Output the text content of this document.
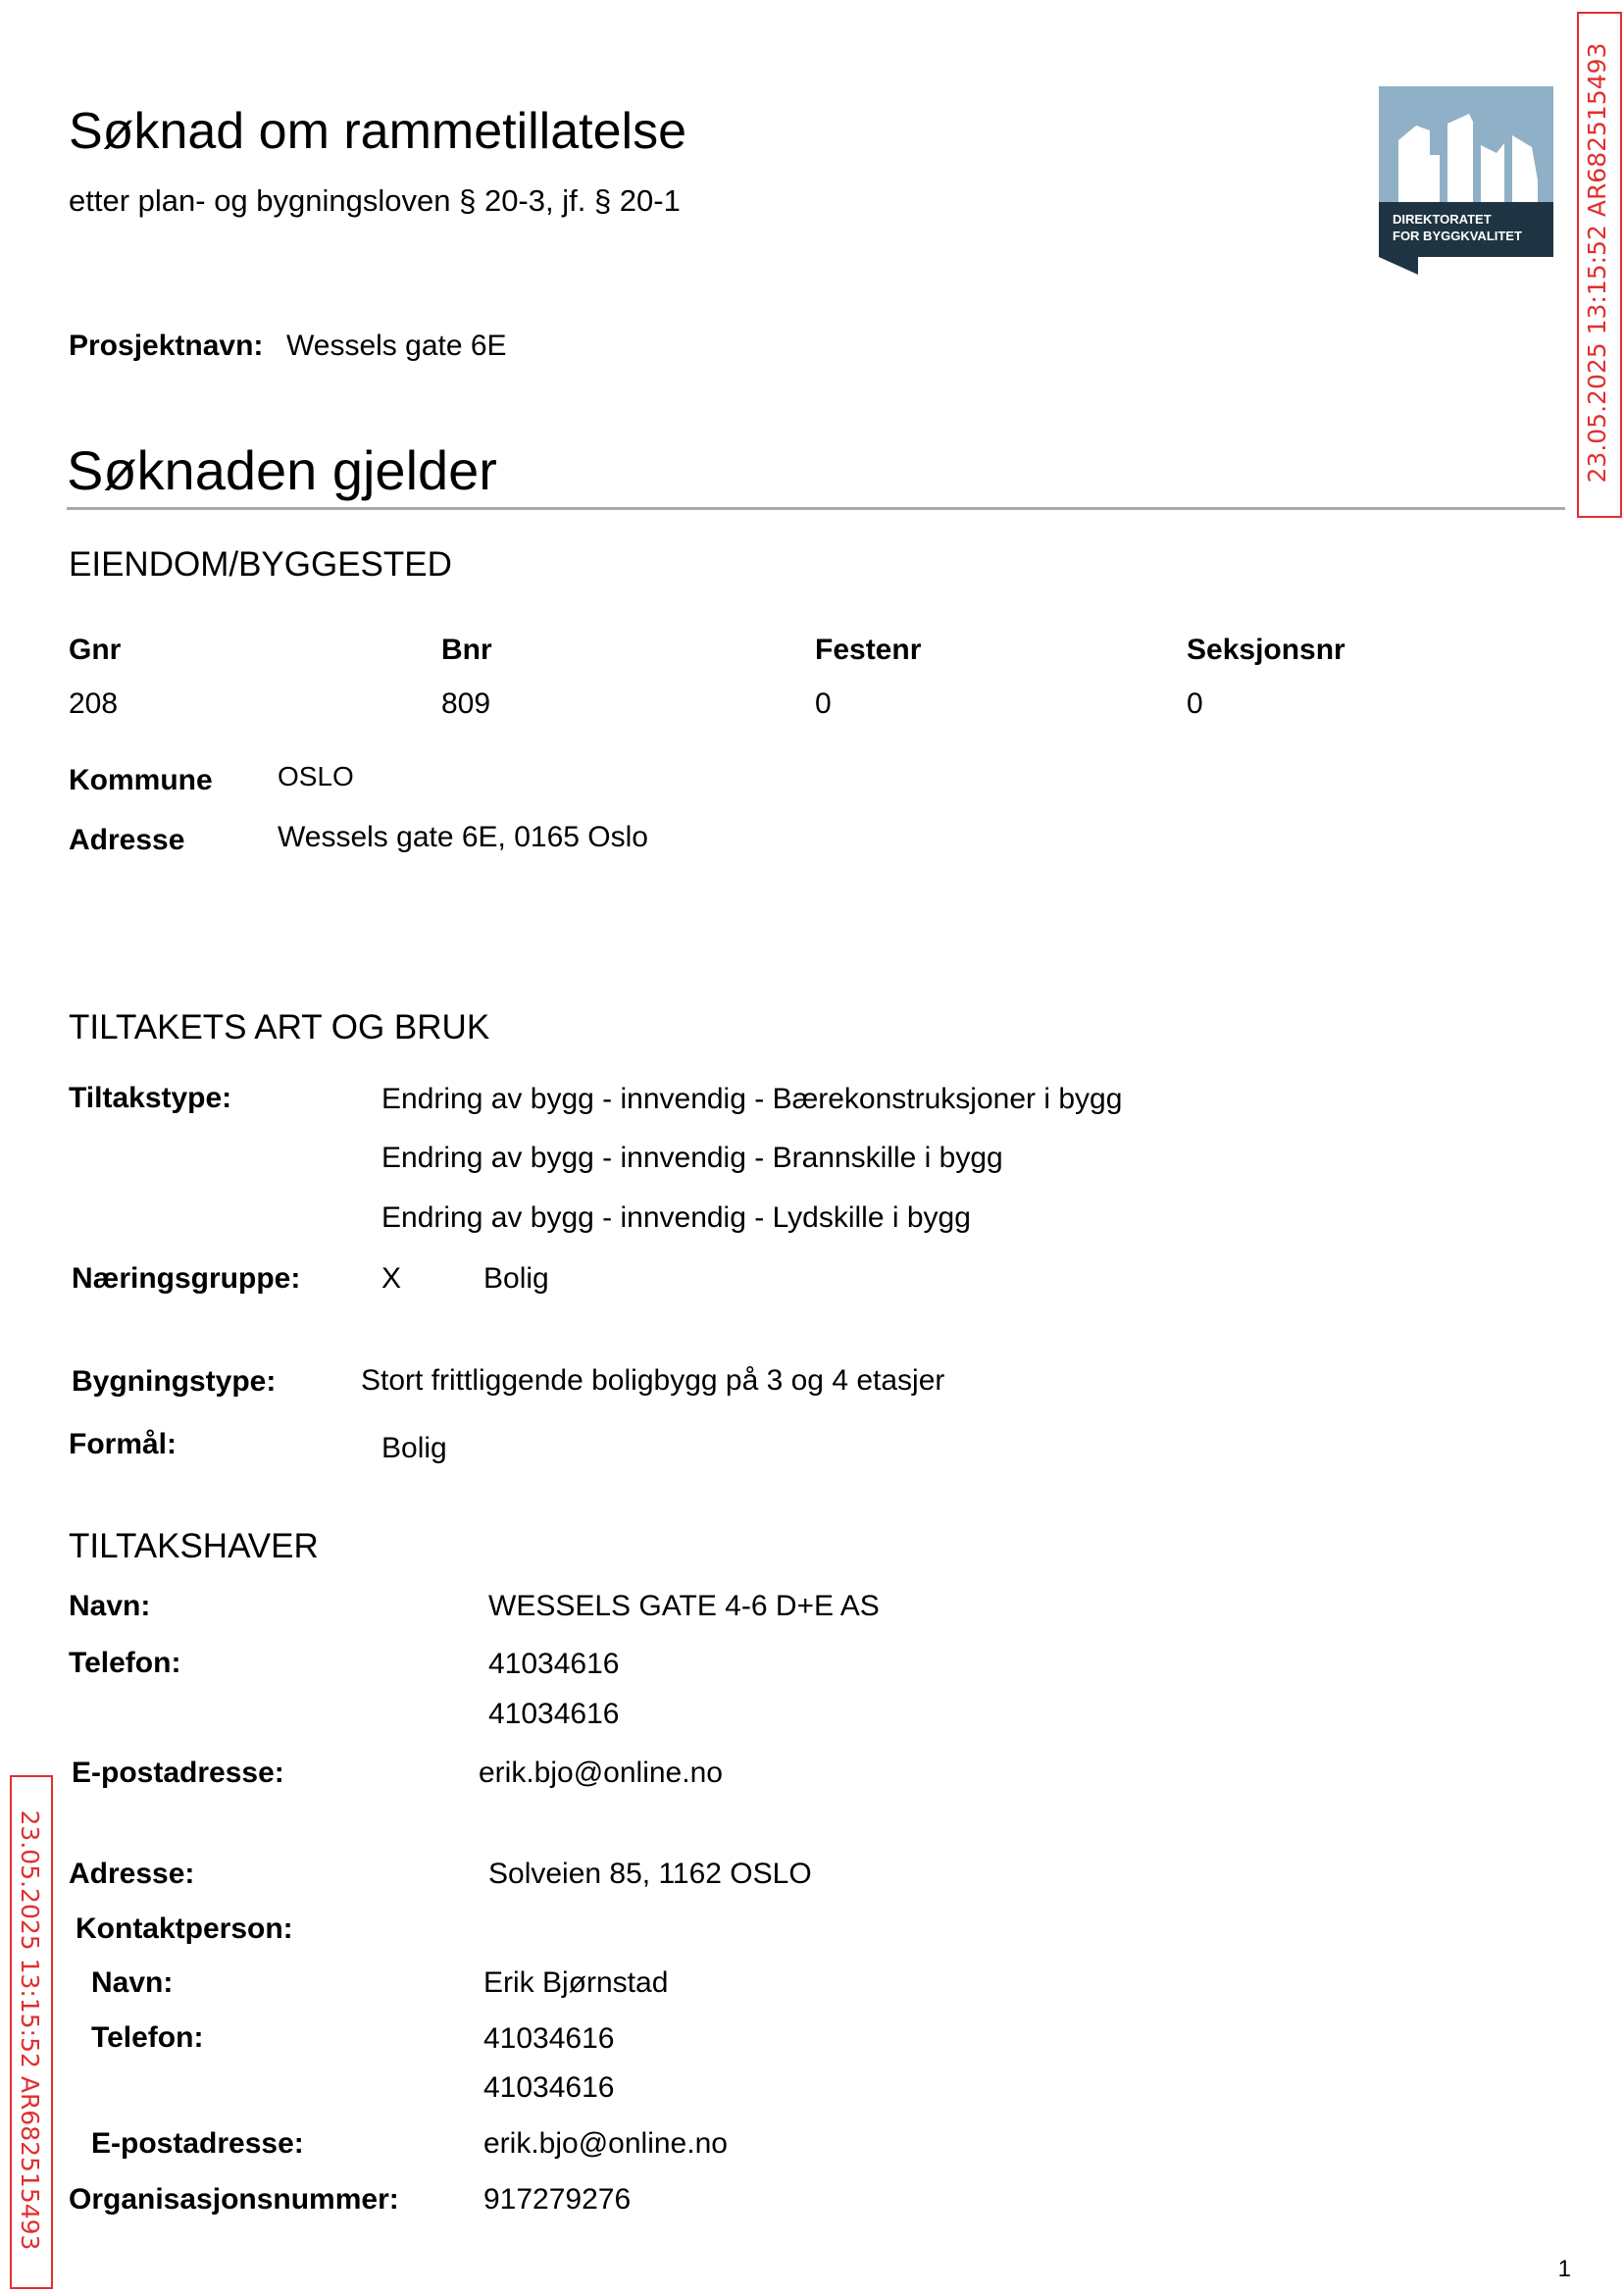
Søknad om rammetillatelse
etter plan- og bygningsloven § 20-3, jf. § 20-1
DIREKTORATET
FOR BYGGKVALITET 23.05.2025 13:15:52 AR682515493
23.05.2025 13:15:52 AR682515493
Prosjektnavn: Wessels gate 6E
Søknaden gjelder
EIENDOM/BYGGESTED
Gnr	Bnr	Festenr	Seksjonsnr
208	809	0	0
Kommune OSLO
Adresse	Wessels gate 6E, 0165 Oslo
TILTAKETS ART OG BRUK
Tiltakstype:	Endring av bygg - innvendig - Bærekonstruksjoner i bygg
Endring av bygg - innvendig - Brannskille i bygg
Endring av bygg - innvendig - Lydskille i bygg
Næringsgruppe:	X	Bolig
Bygningstype:	Stort frittliggende boligbygg på 3 og 4 etasjer
Formål:	Bolig
TILTAKSHAVER
Navn:	WESSELS GATE 4-6 D+E AS
Telefon:	41034616
41034616
E-postadresse:	erik.bjo@online.no
Adresse:	Solveien 85, 1162 OSLO
Kontaktperson:
Navn:	Erik Bjørnstad
Telefon:	41034616
41034616
E-postadresse:	erik.bjo@online.no
Organisasjonsnummer:	917279276
1
